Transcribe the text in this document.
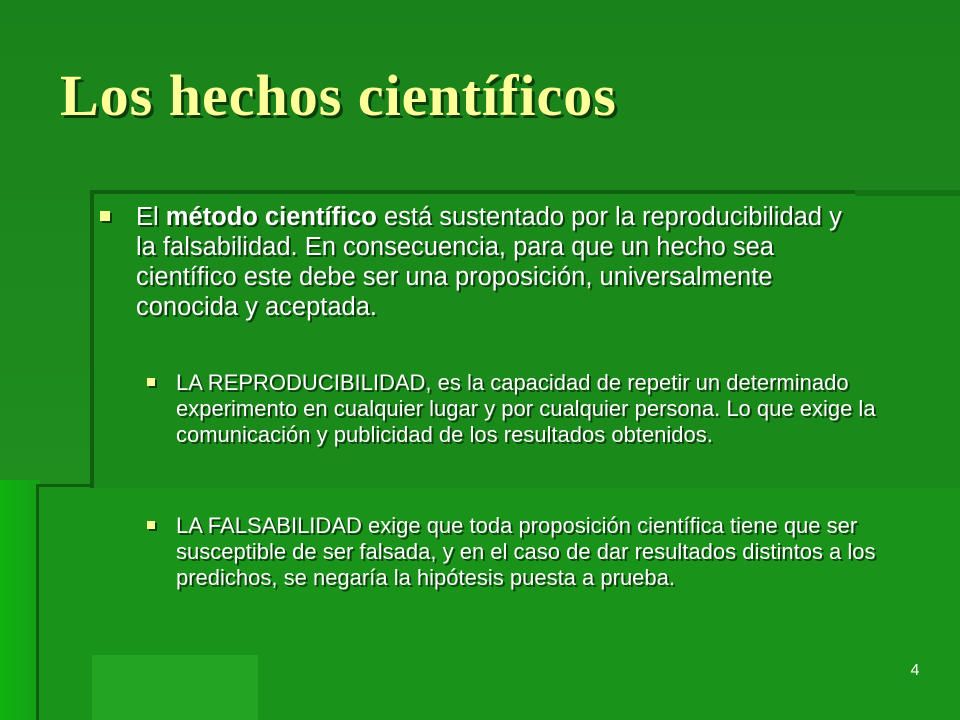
Los hechos científicos
El método científico está sustentado por la reproducibilidad y la falsabilidad. En consecuencia, para que un hecho sea científico este debe ser una proposición, universalmente conocida y aceptada.
LA REPRODUCIBILIDAD, es la capacidad de repetir un determinado experimento en cualquier lugar y por cualquier persona. Lo que exige la comunicación y publicidad de los resultados obtenidos.
LA FALSABILIDAD exige que toda proposición científica tiene que ser susceptible de ser falsada, y en el caso de dar resultados distintos a los predichos, se negaría la hipótesis puesta a prueba.
4
